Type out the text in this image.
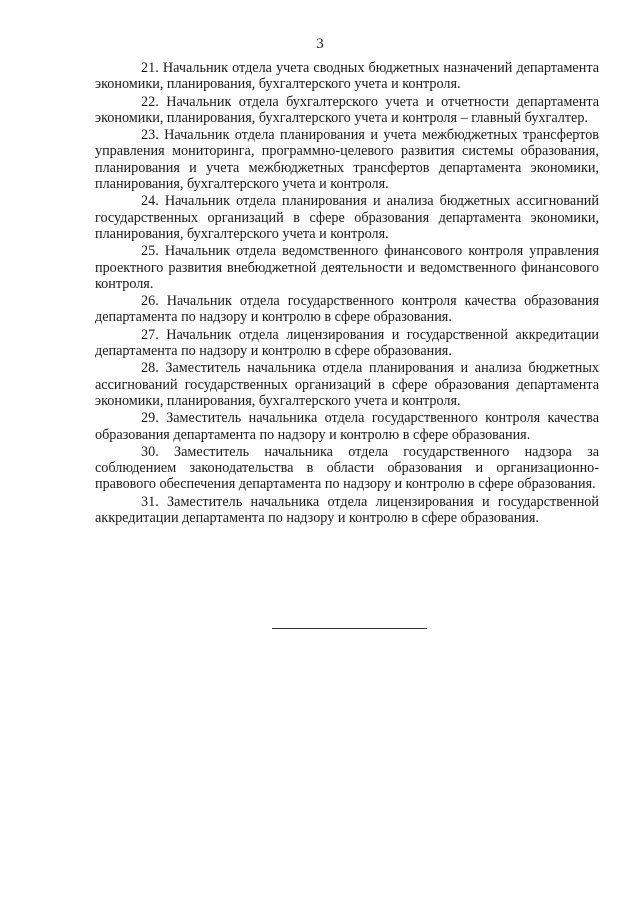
3

21. Начальник отдела учета сводных бюджетных назначений департамента экономики, планирования, бухгалтерского учета и контроля.

22. Начальник отдела бухгалтерского учета и отчетности департамента экономики, планирования, бухгалтерского учета и контроля – главный бухгалтер.

23. Начальник отдела планирования и учета межбюджетных трансфертов управления мониторинга, программно-целевого развития системы образования, планирования и учета межбюджетных трансфертов департамента экономики, планирования, бухгалтерского учета и контроля.

24. Начальник отдела планирования и анализа бюджетных ассигнований государственных организаций в сфере образования департамента экономики, планирования, бухгалтерского учета и контроля.

25. Начальник отдела ведомственного финансового контроля управления проектного развития внебюджетной деятельности и ведомственного финансового контроля.

26. Начальник отдела государственного контроля качества образования департамента по надзору и контролю в сфере образования.

27. Начальник отдела лицензирования и государственной аккредитации департамента по надзору и контролю в сфере образования.

28. Заместитель начальника отдела планирования и анализа бюджетных ассигнований государственных организаций в сфере образования департамента экономики, планирования, бухгалтерского учета и контроля.

29. Заместитель начальника отдела государственного контроля качества образования департамента по надзору и контролю в сфере образования.

30. Заместитель начальника отдела государственного надзора за соблюдением законодательства в области образования и организационно-правового обеспечения департамента по надзору и контролю в сфере образования.

31. Заместитель начальника отдела лицензирования и государственной аккредитации департамента по надзору и контролю в сфере образования.
